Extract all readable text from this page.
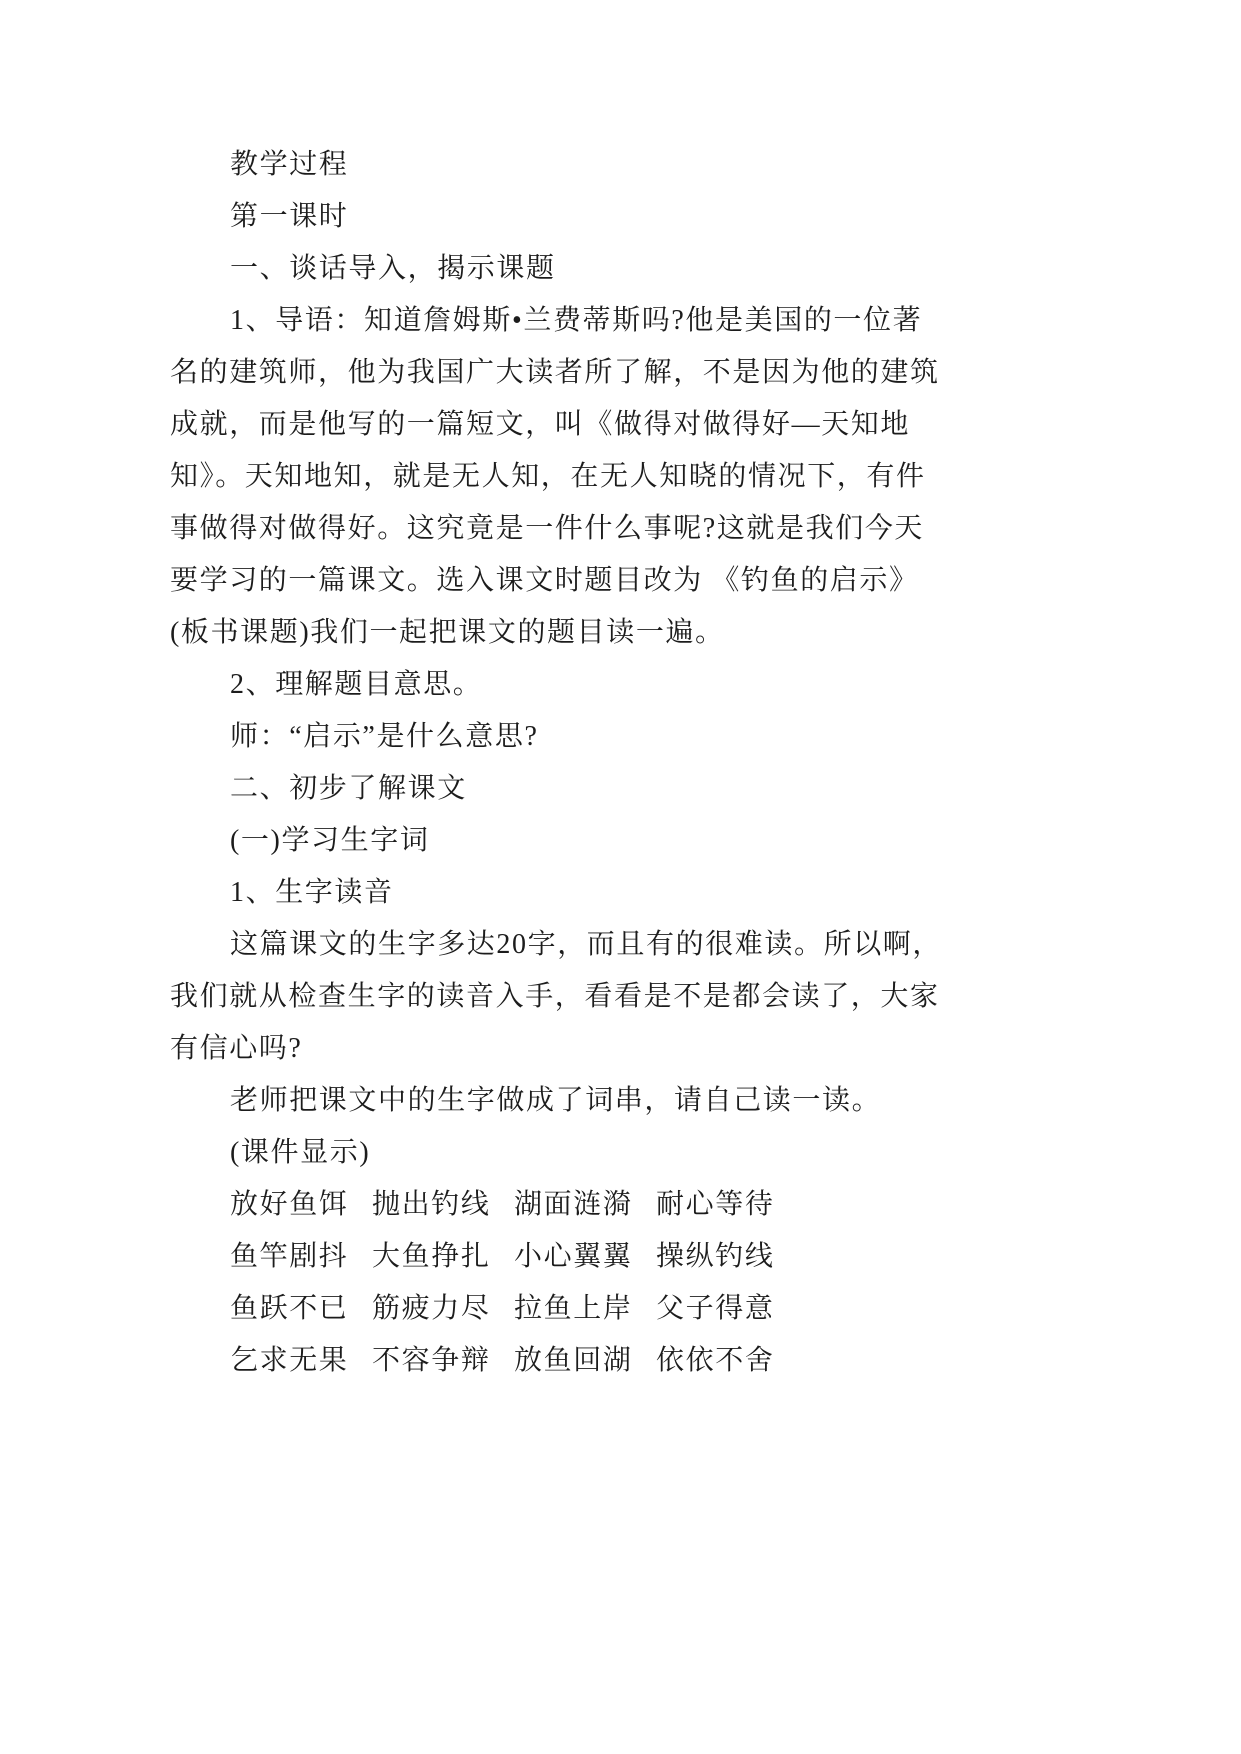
教学过程
第一课时
一、谈话导入，揭示课题
1、导语：知道詹姆斯•兰费蒂斯吗?他是美国的一位著
名的建筑师，他为我国广大读者所了解，不是因为他的建筑
成就，而是他写的一篇短文，叫《做得对做得好—天知地
知》。天知地知，就是无人知，在无人知晓的情况下，有件
事做得对做得好。这究竟是一件什么事呢?这就是我们今天
要学习的一篇课文。选入课文时题目改为 《钓鱼的启示》
(板书课题)我们一起把课文的题目读一遍。
2、理解题目意思。
师：“启示”是什么意思?
二、初步了解课文
(一)学习生字词
1、生字读音
这篇课文的生字多达20字，而且有的很难读。所以啊，
我们就从检查生字的读音入手，看看是不是都会读了，大家
有信心吗?
老师把课文中的生字做成了词串，请自己读一读。
(课件显示)
放好鱼饵 抛出钓线 湖面涟漪 耐心等待
鱼竿剧抖 大鱼挣扎 小心翼翼 操纵钓线
鱼跃不已 筋疲力尽 拉鱼上岸 父子得意
乞求无果 不容争辩 放鱼回湖 依依不舍
